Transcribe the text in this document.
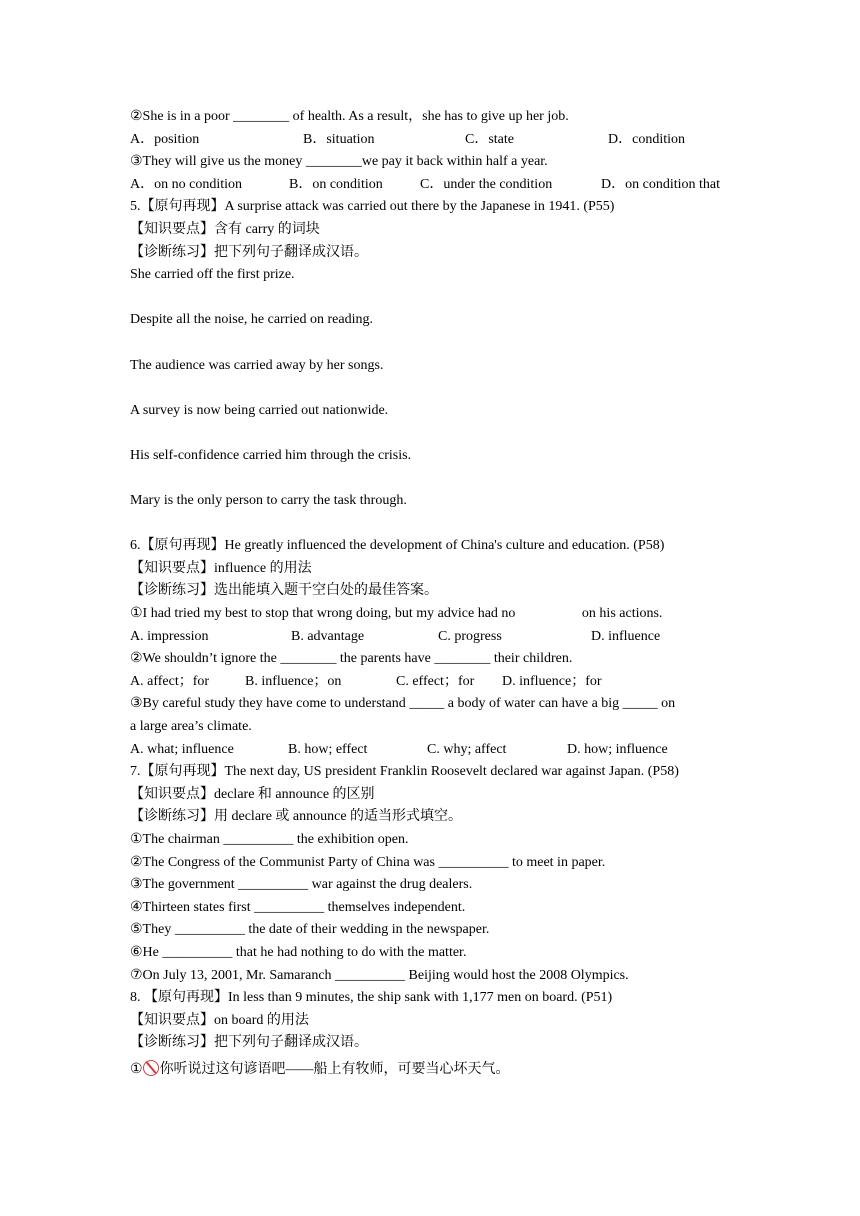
②She is in a poor ________ of health. As a result，she has to give up her job.
A．position	B．situation	C．state	D．condition
③They will give us the money ________we pay it back within half a year.
A．on no condition	B．on condition	C．under the condition	D．on condition that
5.【原句再现】A surprise attack was carried out there by the Japanese in 1941. (P55)
【知识要点】含有 carry 的词块
【诊断练习】把下列句子翻译成汉语。
She carried off the first prize.
Despite all the noise, he carried on reading.
The audience was carried away by her songs.
A survey is now being carried out nationwide.
His self-confidence carried him through the crisis.
Mary is the only person to carry the task through.
6.【原句再现】He greatly influenced the development of China's culture and education. (P58)
【知识要点】influence 的用法
【诊断练习】选出能填入题干空白处的最佳答案。
①I had tried my best to stop that wrong doing, but my advice had no                   on his actions.
A. impression	B. advantage	C. progress	D. influence
②We shouldn’t ignore the ________ the parents have ________ their children.
A. affect；for	B. influence；on	C. effect；for D. influence；for
③By careful study they have come to understand _____ a body of water can have a big _____ on
a large area’s climate.
A. what; influence	B. how; effect	C. why; affect	D. how; influence
7.【原句再现】The next day, US president Franklin Roosevelt declared war against Japan. (P58)
【知识要点】declare 和 announce 的区别
【诊断练习】用 declare 或 announce 的适当形式填空。
①The chairman __________ the exhibition open.
②The Congress of the Communist Party of China was __________ to meet in paper.
③The government __________ war against the drug dealers.
④Thirteen states first __________ themselves independent.
⑤They __________ the date of their wedding in the newspaper.
⑥He __________ that he had nothing to do with the matter.
⑦On July 13, 2001, Mr. Samaranch __________ Beijing would host the 2008 Olympics.
8. 【原句再现】In less than 9 minutes, the ship sank with 1,177 men on board. (P51)
【知识要点】on board 的用法
【诊断练习】把下列句子翻译成汉语。
① 你听说过这句谚语吧——船上有牧师，可要当心坏天气。
